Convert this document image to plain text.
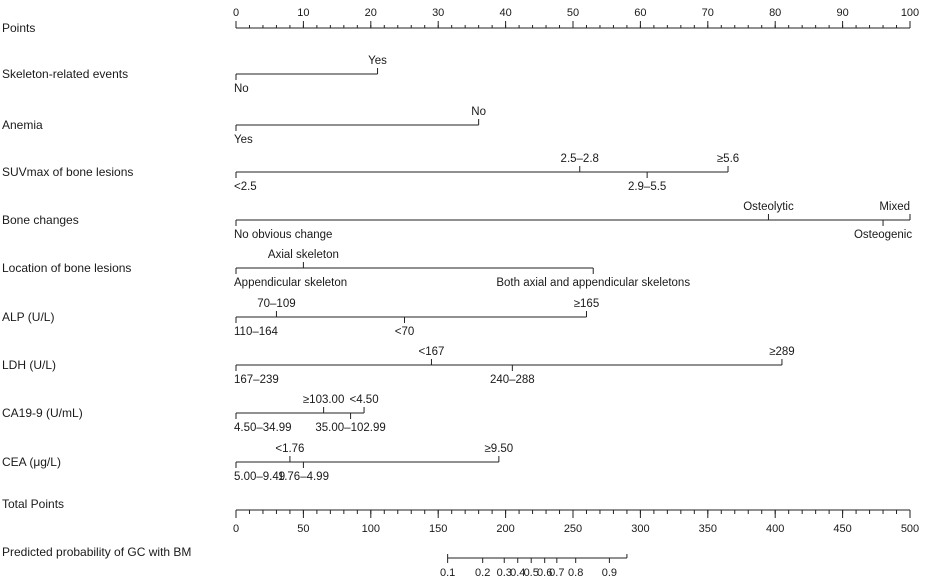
Points
0	10	20	30	40	50	60	70	80	90	100
Skeleton-related events
No
Yes
Anemia
Yes
No
SUVmax of bone lesions
<2.5
2.5–2.8
2.9–5.5
≥5.6
Bone changes
No obvious change
Osteolytic
Osteogenic
Mixed
Location of bone lesions
Appendicular skeleton
Axial skeleton
Both axial and appendicular skeletons
ALP (U/L)
110–164
70–109
<70
≥165
LDH (U/L)
167–239
<167
240–288
≥289
CA19-9 (U/mL)
4.50–34.99
≥103.00
35.00–102.99
<4.50
CEA (μg/L)
5.00–9.49
<1.76
1.76–4.99
≥9.50
Total Points
0	50	100	150	200	250	300	350	400	450	500
Predicted probability of GC with BM
0.1 0.2 0.3
0.4
0.5
0.6
0.7 0.8 0.9
